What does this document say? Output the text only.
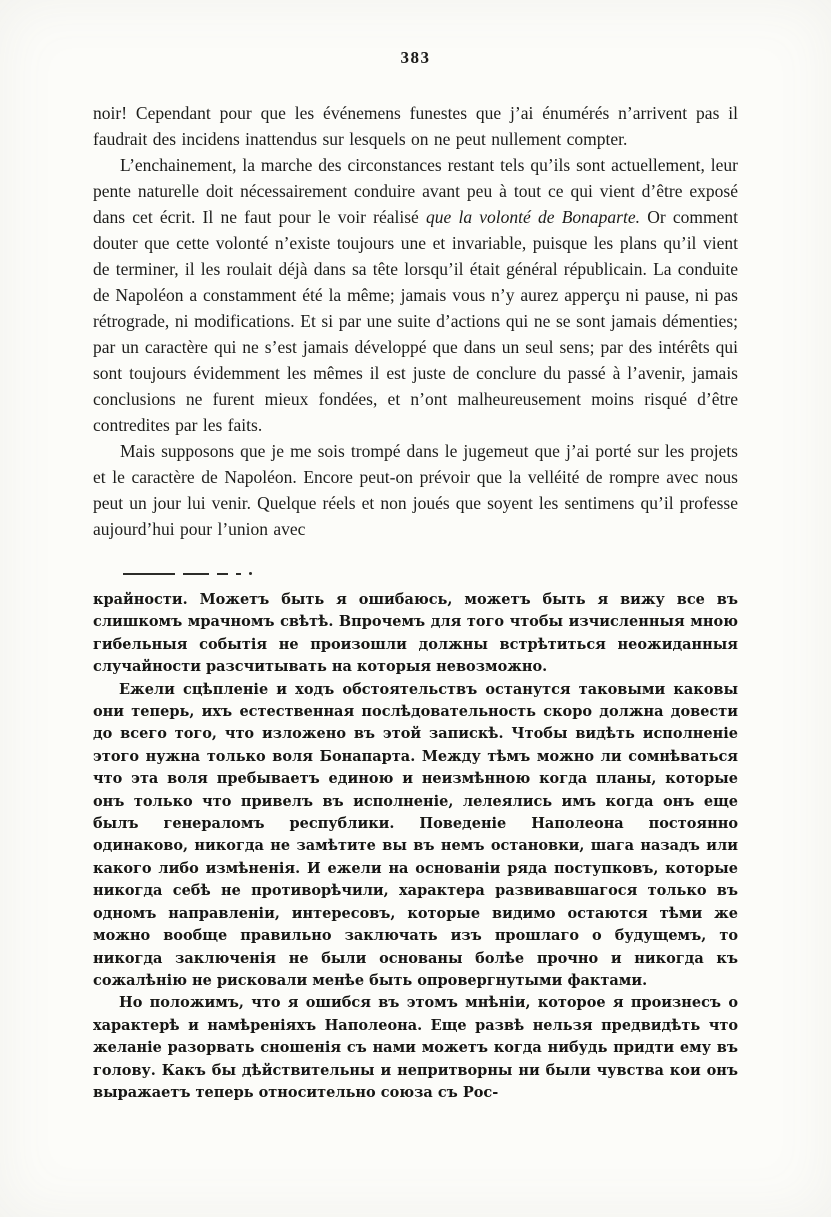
383

noir! Cependant pour que les événemens funestes que j’ai énumérés n’arrivent pas il faudrait des incidens inattendus sur lesquels on ne peut nullement compter.

L’enchainement, la marche des circonstances restant tels qu’ils sont actuellement, leur pente naturelle doit nécessairement conduire avant peu à tout ce qui vient d’être exposé dans cet écrit. Il ne faut pour le voir réalisé que la volonté de Bonaparte. Or comment douter que cette volonté n’existe toujours une et invariable, puisque les plans qu’il vient de terminer, il les roulait déjà dans sa tête lorsqu’il était général républicain. La conduite de Napoléon a constamment été la même; jamais vous n’y aurez apperçu ni pause, ni pas rétrograde, ni modifications. Et si par une suite d’actions qui ne se sont jamais démenties; par un caractère qui ne s’est jamais développé que dans un seul sens; par des intérêts qui sont toujours évidemment les mêmes il est juste de conclure du passé à l’avenir, jamais conclusions ne furent mieux fondées, et n’ont malheureusement moins risqué d’être contredites par les faits.

Mais supposons que je me sois trompé dans le jugemeut que j’ai porté sur les projets et le caractère de Napoléon. Encore peut-on prévoir que la velléité de rompre avec nous peut un jour lui venir. Quelque réels et non joués que soyent les sentimens qu’il professe aujourd’hui pour l’union avec

крайности. Можетъ быть я ошибаюсь, можетъ быть я вижу все въ слишкомъ мрачномъ свѣтѣ. Впрочемъ для того чтобы изчисленныя мною гибельныя событія не произошли должны встрѣтиться неожиданныя случайности разсчитывать на которыя невозможно.

Ежели сцѣпленіе и ходъ обстоятельствъ останутся таковыми каковы они теперь, ихъ естественная послѣдовательность скоро должна довести до всего того, что изложено въ этой запискѣ. Чтобы видѣть исполненіе этого нужна только воля Бонапарта. Между тѣмъ можно ли сомнѣваться что эта воля пребываетъ единою и неизмѣнною когда планы, которые онъ только что привелъ въ исполненіе, лелеялись имъ когда онъ еще былъ генераломъ республики. Поведеніе Наполеона постоянно одинаково, никогда не замѣтите вы въ немъ остановки, шага назадъ или какого либо измѣненія. И ежели на основаніи ряда поступковъ, которые никогда себѣ не противорѣчили, характера развивавшагося только въ одномъ направленіи, интересовъ, которые видимо остаются тѣми же можно вообще правильно заключать изъ прошлаго о будущемъ, то никогда заключенія не были основаны болѣе прочно и никогда къ сожалѣнію не рисковали менѣе быть опровергнутыми фактами.

Но положимъ, что я ошибся въ этомъ мнѣніи, которое я произнесъ о характерѣ и намѣреніяхъ Наполеона. Еще развѣ нельзя предвидѣть что желаніе разорвать сношенія съ нами можетъ когда нибудь придти ему въ голову. Какъ бы дѣйствительны и непритворны ни были чувства кои онъ выражаетъ теперь относительно союза съ Рос-
